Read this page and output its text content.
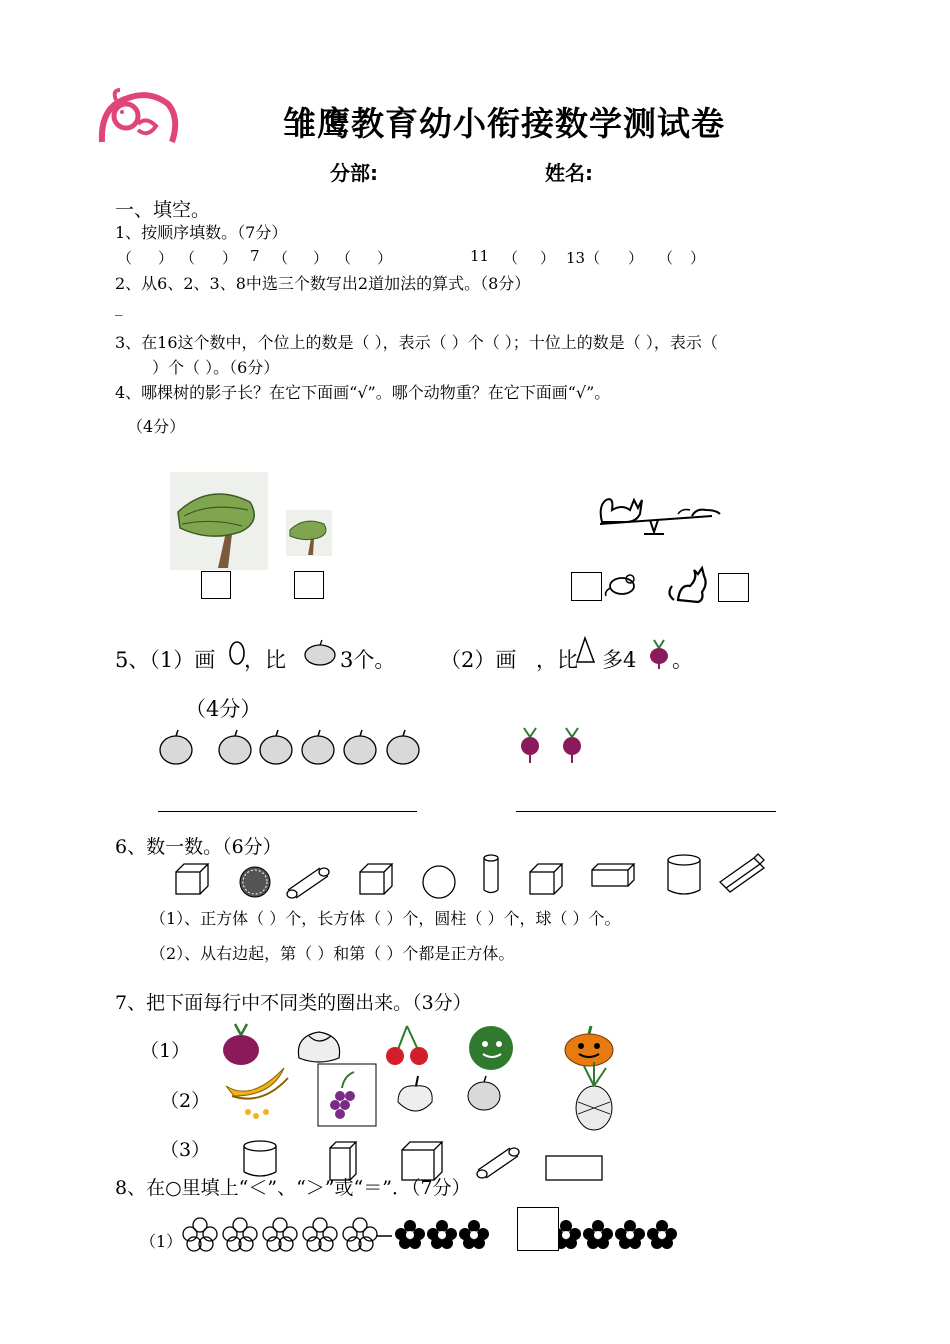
雏鹰教育幼小衔接数学测试卷
分部:	姓名:
一、填空。
1、按顺序填数。（7分）
（ ） （ ） 7 （ ） （ ）	11 （ ） 13（ ） （ ）
2、从6、2、3、8中选三个数写出2道加法的算式。（8分）
_
3、在16这个数中，个位上的数是（ ），表示（ ）个（ ）；十位上的数是（ ），表示（
）个（ ）。（6分）
4、哪棵树的影子长？在它下面画“√”。哪个动物重？在它下面画“√”。
（4分）
5、（1）画 ，比	3个。 （2）画 ，比 多4 。
（4分）
6、数一数。（6分）
（1）、正方体（ ）个，长方体（ ）个，圆柱（ ）个，球（ ）个。
（2）、从右边起，第（ ）和第（ ）个都是正方体。
7、把下面每行中不同类的圈出来。（3分）
（1）
（2）
（3）
8、在○里填上“＜”、“＞”或“＝”．（7分）
（1）
